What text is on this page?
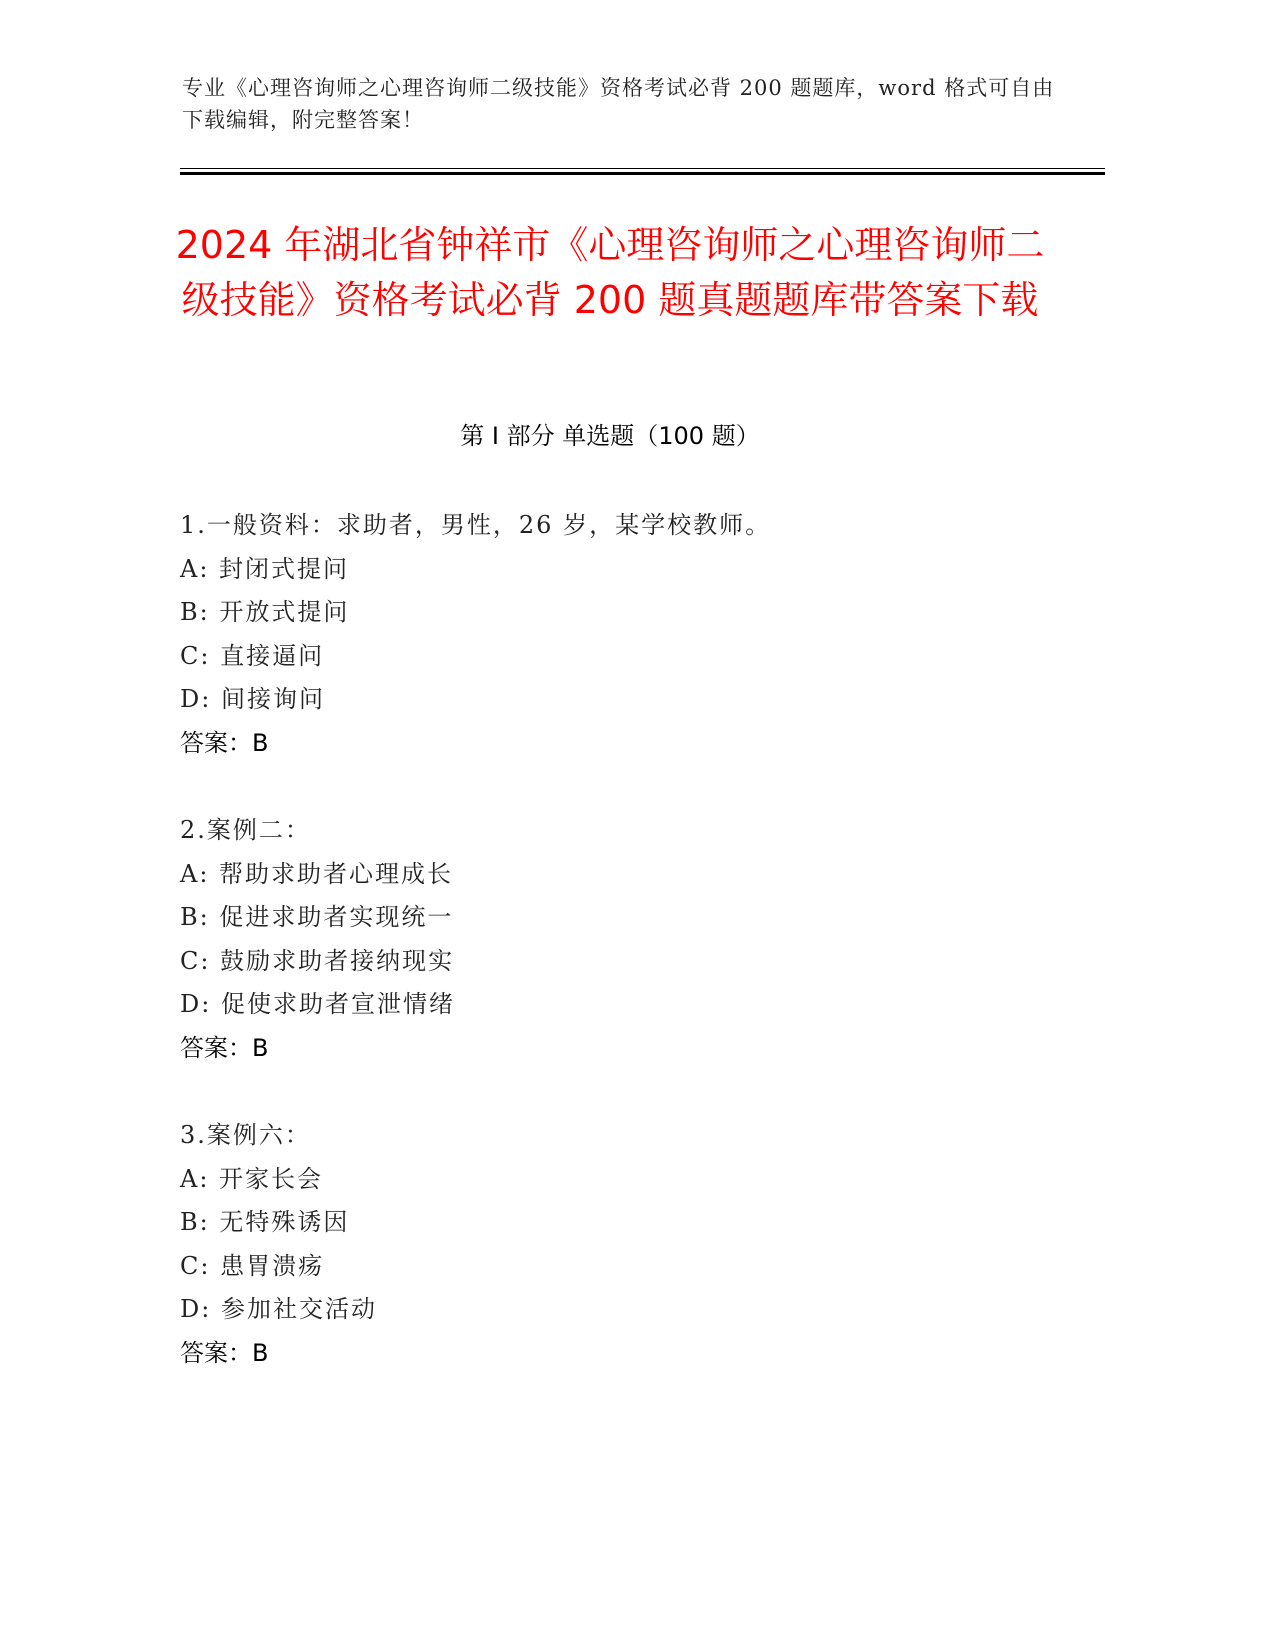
专业《心理咨询师之心理咨询师二级技能》资格考试必背 200 题题库，word 格式可自由下载编辑，附完整答案！
2024 年湖北省钟祥市《心理咨询师之心理咨询师二级技能》资格考试必背 200 题真题题库带答案下载
第 I 部分 单选题（100 题）
1.一般资料：求助者，男性，26 岁，某学校教师。
A: 封闭式提问
B: 开放式提问
C: 直接逼问
D: 间接询问
答案：B
2.案例二：
A: 帮助求助者心理成长
B: 促进求助者实现统一
C: 鼓励求助者接纳现实
D: 促使求助者宣泄情绪
答案：B
3.案例六：
A: 开家长会
B: 无特殊诱因
C: 患胃溃疡
D: 参加社交活动
答案：B
